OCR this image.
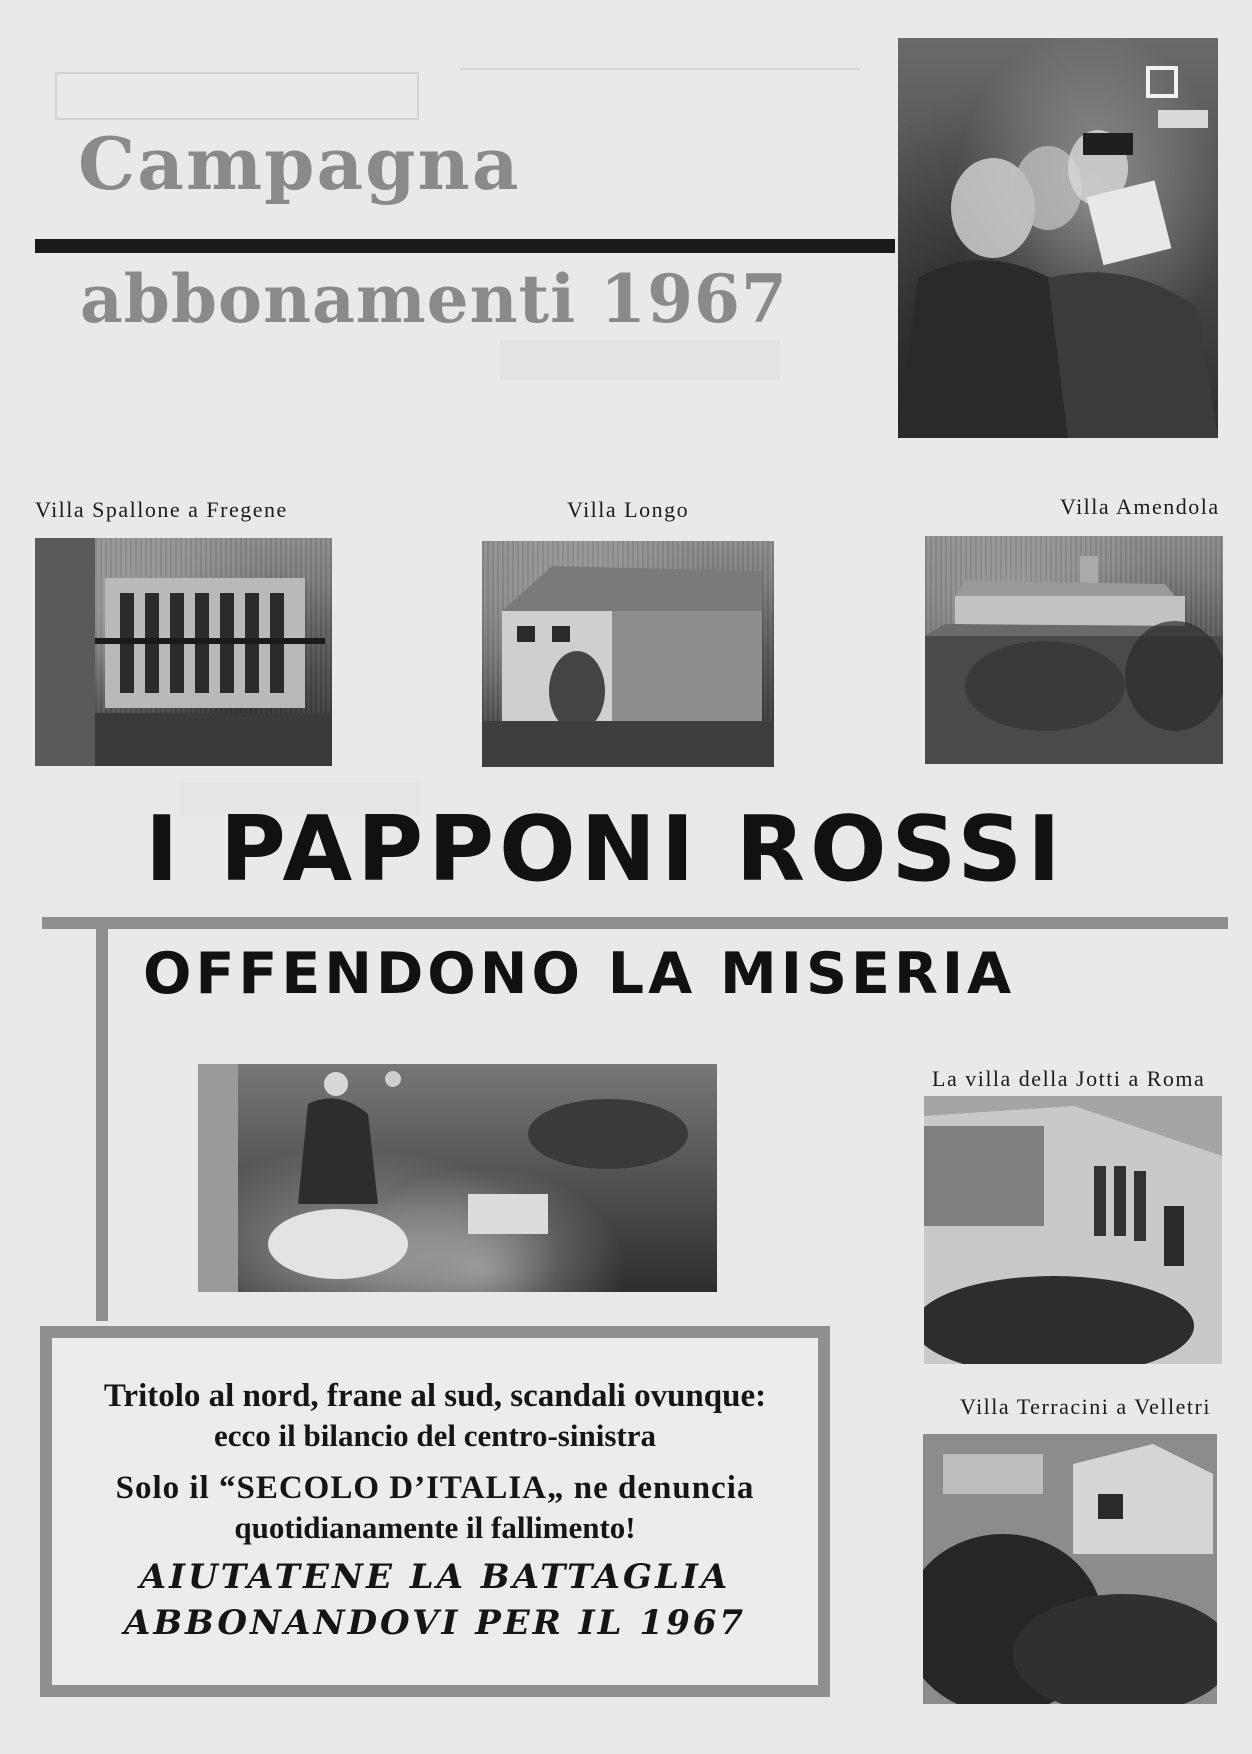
Campagna
abbonamenti 1967
Villa Spallone a Fregene	Villa Longo	Villa Amendola
I PAPPONI ROSSI
OFFENDONO LA MISERIA
La villa della Jotti a Roma
Villa Terracini a Velletri
Tritolo al nord, frane al sud, scandali ovunque:
ecco il bilancio del centro-sinistra
Solo il “SECOLO D’ITALIA„ ne denuncia
quotidianamente il fallimento!
AIUTATENE LA BATTAGLIA
ABBONANDOVI PER IL 1967
